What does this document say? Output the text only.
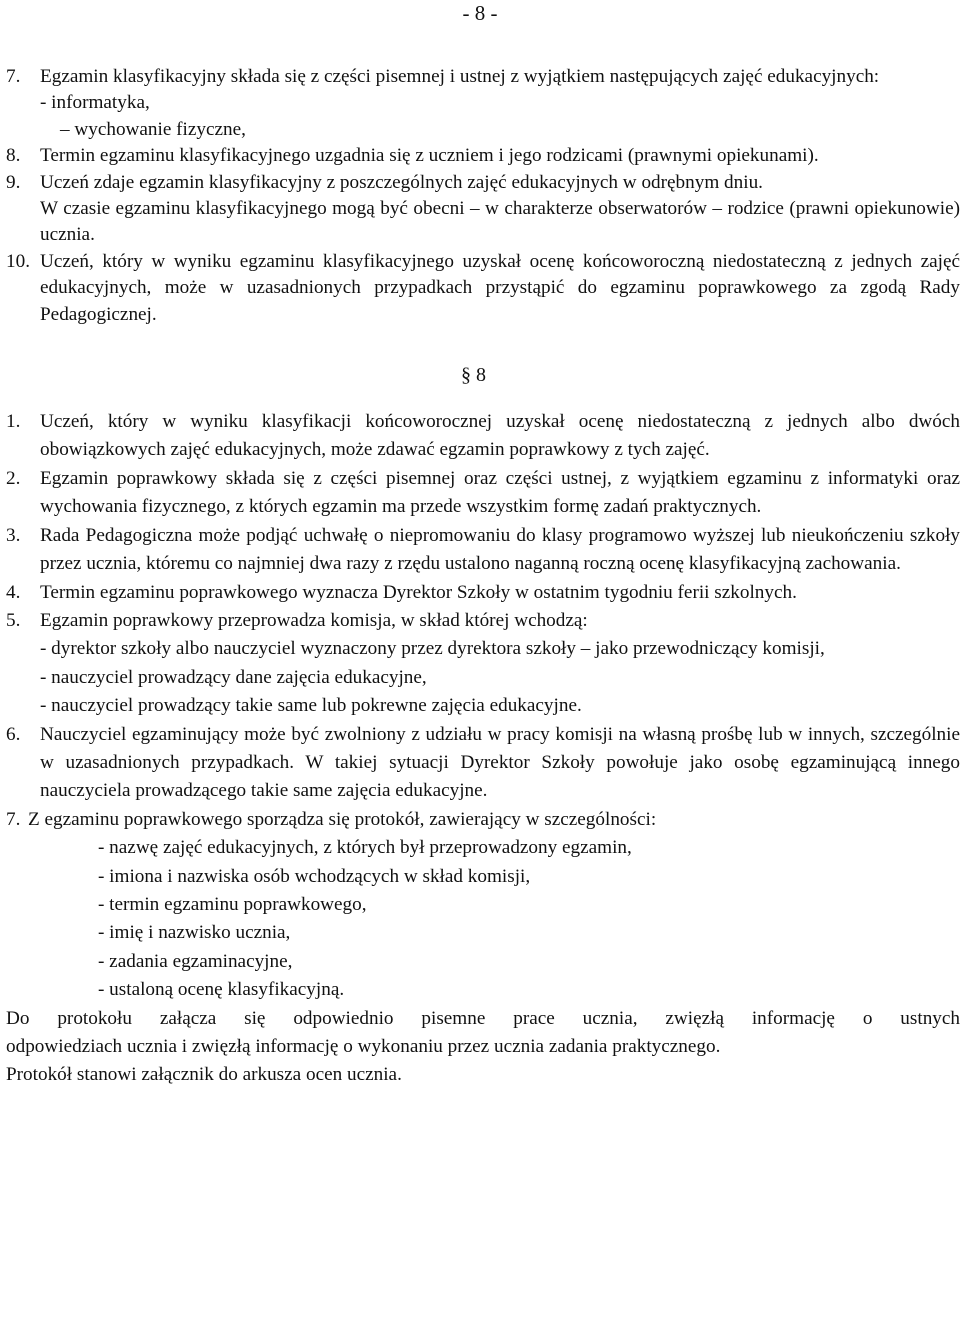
- 8 -
7. Egzamin klasyfikacyjny składa się z części pisemnej i ustnej z wyjątkiem następujących zajęć edukacyjnych:
- informatyka,
– wychowanie fizyczne,
8. Termin egzaminu klasyfikacyjnego uzgadnia się z uczniem i jego rodzicami (prawnymi opiekunami).
9. Uczeń zdaje egzamin klasyfikacyjny z poszczególnych zajęć edukacyjnych w odrębnym dniu.
W czasie egzaminu klasyfikacyjnego mogą być obecni – w charakterze obserwatorów – rodzice (prawni opiekunowie) ucznia.
10. Uczeń, który w wyniku egzaminu klasyfikacyjnego uzyskał ocenę końcoworoczną niedostateczną z jednych zajęć edukacyjnych, może w uzasadnionych przypadkach przystąpić do egzaminu poprawkowego za zgodą Rady Pedagogicznej.
§ 8
1. Uczeń, który w wyniku klasyfikacji końcoworocznej uzyskał ocenę niedostateczną z jednych albo dwóch obowiązkowych zajęć edukacyjnych, może zdawać egzamin poprawkowy z tych zajęć.
2. Egzamin poprawkowy składa się z części pisemnej oraz części ustnej, z wyjątkiem egzaminu z informatyki oraz wychowania fizycznego, z których egzamin ma przede wszystkim formę zadań praktycznych.
3. Rada Pedagogiczna może podjąć uchwałę o niepromowaniu do klasy programowo wyższej lub nieukończeniu szkoły przez ucznia, któremu co najmniej dwa razy z rzędu ustalono naganną roczną ocenę klasyfikacyjną zachowania.
4. Termin egzaminu poprawkowego wyznacza Dyrektor Szkoły w ostatnim tygodniu ferii szkolnych.
5. Egzamin poprawkowy przeprowadza komisja, w skład której wchodzą:
- dyrektor szkoły albo nauczyciel wyznaczony przez dyrektora szkoły – jako przewodniczący komisji,
- nauczyciel prowadzący dane zajęcia edukacyjne,
- nauczyciel prowadzący takie same lub pokrewne zajęcia edukacyjne.
6. Nauczyciel egzaminujący może być zwolniony z udziału w pracy komisji na własną prośbę lub w innych, szczególnie w uzasadnionych przypadkach. W takiej sytuacji Dyrektor Szkoły powołuje jako osobę egzaminującą innego nauczyciela prowadzącego takie same zajęcia edukacyjne.
7. Z egzaminu poprawkowego sporządza się protokół, zawierający w szczególności:
- nazwę zajęć edukacyjnych, z których był przeprowadzony egzamin,
- imiona i nazwiska osób wchodzących w skład komisji,
- termin egzaminu poprawkowego,
- imię i nazwisko ucznia,
- zadania egzaminacyjne,
- ustaloną ocenę klasyfikacyjną.
Do protokołu załącza się odpowiednio pisemne prace ucznia, zwięzłą informację o ustnych
odpowiedziach ucznia i zwięzłą informację o wykonaniu przez ucznia zadania praktycznego.
Protokół stanowi załącznik do arkusza ocen ucznia.
